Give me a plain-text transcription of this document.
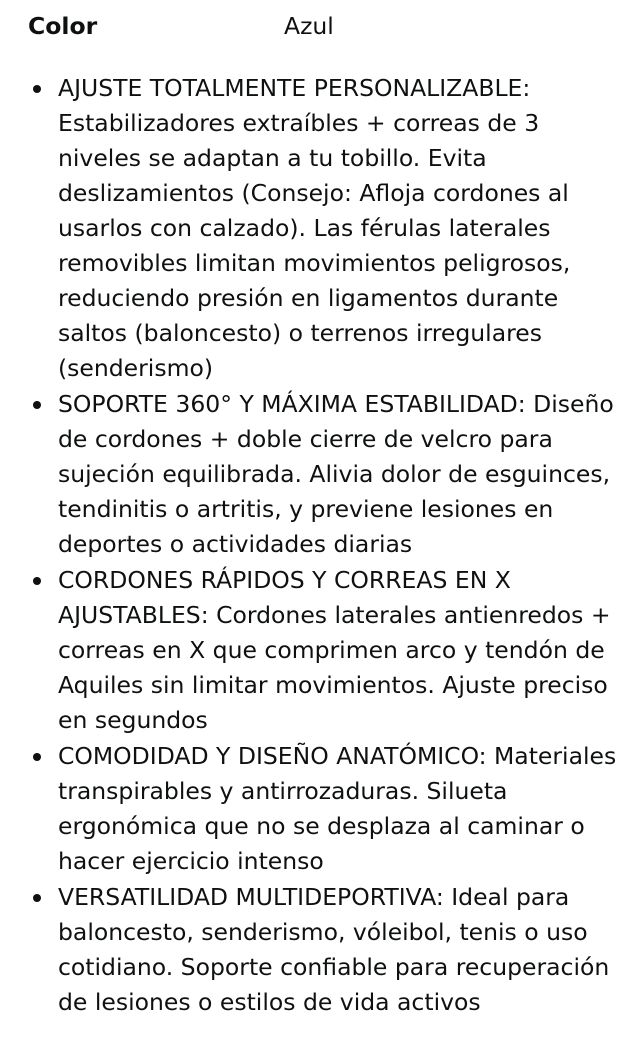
Color	Azul
AJUSTE TOTALMENTE PERSONALIZABLE: Estabilizadores extraíbles + correas de 3 niveles se adaptan a tu tobillo. Evita deslizamientos (Consejo: Afloja cordones al usarlos con calzado). Las férulas laterales removibles limitan movimientos peligrosos, reduciendo presión en ligamentos durante saltos (baloncesto) o terrenos irregulares (senderismo)
SOPORTE 360° Y MÁXIMA ESTABILIDAD: Diseño de cordones + doble cierre de velcro para sujeción equilibrada. Alivia dolor de esguinces, tendinitis o artritis, y previene lesiones en deportes o actividades diarias
CORDONES RÁPIDOS Y CORREAS EN X AJUSTABLES: Cordones laterales antienredos + correas en X que comprimen arco y tendón de Aquiles sin limitar movimientos. Ajuste preciso en segundos
COMODIDAD Y DISEÑO ANATÓMICO: Materiales transpirables y antirrozaduras. Silueta ergonómica que no se desplaza al caminar o hacer ejercicio intenso
VERSATILIDAD MULTIDEPORTIVA: Ideal para baloncesto, senderismo, vóleibol, tenis o uso cotidiano. Soporte confiable para recuperación de lesiones o estilos de vida activos
